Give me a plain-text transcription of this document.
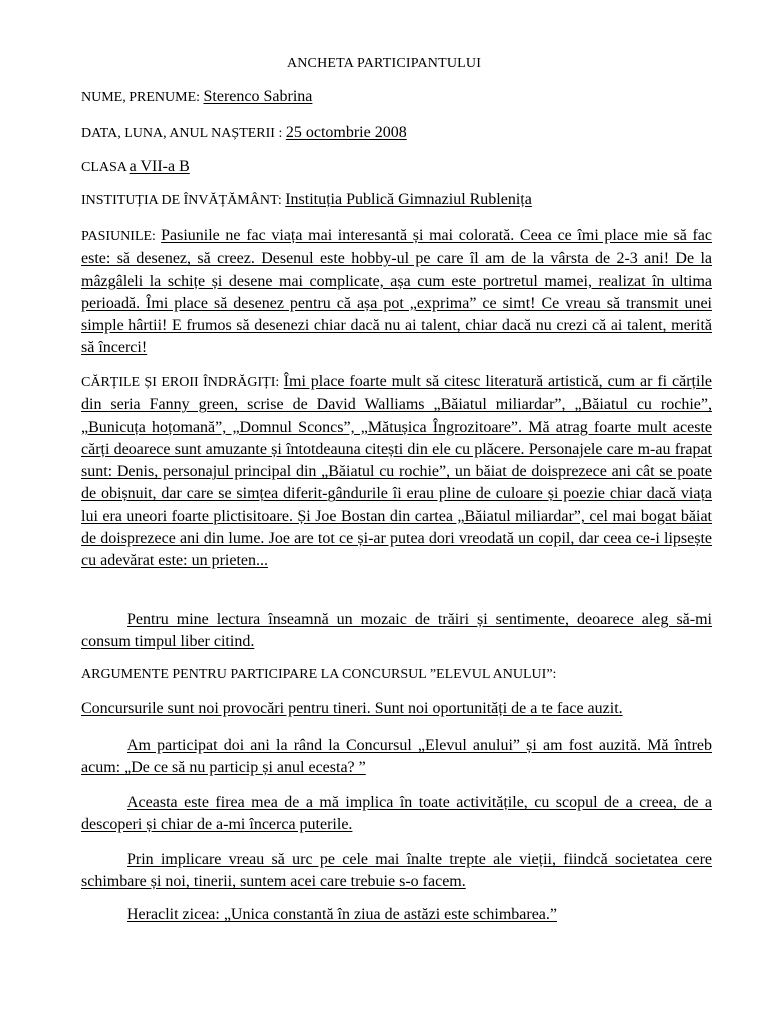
ANCHETA PARTICIPANTULUI
NUME, PRENUME: Sterenco Sabrina
DATA, LUNA, ANUL NAȘTERII : 25 octombrie 2008
CLASA a VII-a B
INSTITUȚIA DE ÎNVĂȚĂMÂNT: Instituția Publică Gimnaziul Rublenița
PASIUNILE: Pasiunile ne fac viața mai interesantă și mai colorată. Ceea ce îmi place mie să fac este: să desenez, să creez. Desenul este hobby-ul pe care îl am de la vârsta de 2-3 ani! De la mâzgâleli la schițe și desene mai complicate, așa cum este portretul mamei, realizat în ultima perioadă. Îmi place să desenez pentru că așa pot „exprima” ce simt! Ce vreau să transmit unei simple hârtii! E frumos să desenezi chiar dacă nu ai talent, chiar dacă nu crezi că ai talent, merită să încerci!
CĂRȚILE ȘI EROII ÎNDRĂGIȚI: Îmi place foarte mult să citesc literatură artistică, cum ar fi cărțile din seria Fanny green, scrise de David Walliams „Băiatul miliardar”, „Băiatul cu rochie”, „Bunicuța hoțomană”, „Domnul Sconcs”, „Mătușica Îngrozitoare”. Mă atrag foarte mult aceste cărți deoarece sunt amuzante și întotdeauna citești din ele cu plăcere. Personajele care m-au frapat sunt: Denis, personajul principal din „Băiatul cu rochie”, un băiat de doisprezece ani cât se poate de obișnuit, dar care se simțea diferit-gândurile îi erau pline de culoare și poezie chiar dacă viața lui era uneori foarte plictisitoare. Și Joe Bostan din cartea „Băiatul miliardar”, cel mai bogat băiat de doisprezece ani din lume. Joe are tot ce și-ar putea dori vreodată un copil, dar ceea ce-i lipsește cu adevărat este: un prieten...
Pentru mine lectura înseamnă un mozaic de trăiri și sentimente, deoarece aleg să-mi consum timpul liber citind.
ARGUMENTE PENTRU PARTICIPARE LA CONCURSUL ”ELEVUL ANULUI”:
Concursurile sunt noi provocări pentru tineri. Sunt noi oportunități de a te face auzit.
Am participat doi ani la rând la Concursul „Elevul anului” și am fost auzită. Mă întreb acum: „De ce să nu particip și anul ecesta? ”
Aceasta este firea mea de a mă implica în toate activitățile, cu scopul de a creea, de a descoperi și chiar de a-mi încerca puterile.
Prin implicare vreau să urc pe cele mai înalte trepte ale vieții, fiindcă societatea cere schimbare și noi, tinerii, suntem acei care trebuie s-o facem.
Heraclit zicea: „Unica constantă în ziua de astăzi este schimbarea.”
